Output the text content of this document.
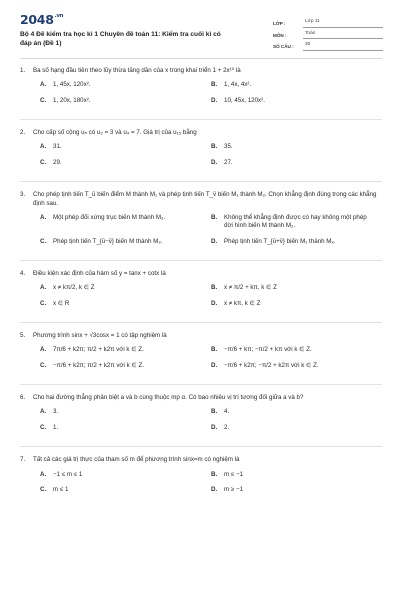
$2048^{.vn}$
Bộ 4 Đề kiểm tra học kì 1 Chuyên đề toán 11: Kiểm tra cuối kì có đáp án (Đề 1)
LỚP :	Lớp 11
MÔN :	Toán
SỐ CÂU :	30
1.	Ba số hạng đầu tiên theo lũy thừa tăng dần của x trong khai triển 1 + 2x¹⁰ là
A.	1, 45x, 120x².	B.	1, 4x, 4x².
C.	1, 20x, 180x².	D.	10, 45x, 120x².
2.	Cho cấp số cộng uₙ có u₂ = 3 và u₄ = 7. Giá trị của u₁₅ bằng
A.	31.	B.	35.
C.	29.	D.	27.
3.	Cho phép tịnh tiến T_ū biến điểm M thành M₁ và phép tịnh tiến T_v̄ biến M₁ thành M₂. Chọn khẳng định đúng trong các khẳng định sau.
A.	Một phép đối xứng trục biến M thành M₂.	B.	Không thể khẳng định được có hay không một phép dời hình biến M thành M₂.
C.	Phép tịnh tiến T_{ū−v̄} biến M thành M₂.	D.	Phép tịnh tiến T_{ū+v̄} biến M₁ thành M₂.
4.	Điều kiện xác định của hàm số y = tanx + cotx là
A.	x ≠ kπ/2, k ∈ Z	B.	x ≠ π/2 + kπ, k ∈ Z
C.	x ∈ R	D.	x ≠ kπ, k ∈ Z
5.	Phương trình sinx + √3cosx = 1 có tập nghiệm là
A.	7π/6 + k2π; π/2 + k2π với k ∈ Z.	B.	−π/6 + kπ; −π/2 + kπ với k ∈ Z.
C.	−π/6 + k2π; π/2 + k2π với k ∈ Z.	D.	−π/6 + k2π; −π/2 + k2π với k ∈ Z.
6.	Cho hai đường thẳng phân biệt a và b cùng thuộc mp α. Có bao nhiêu vị trí tương đối giữa a và b?
A.	3.	B.	4.
C.	1.	D.	2.
7.	Tất cả các giá trị thực của tham số m để phương trình sinx=m có nghiệm là
A.	−1 ≤ m ≤ 1	B.	m ≤ −1
C.	m ≤ 1	D.	m ≥ −1
